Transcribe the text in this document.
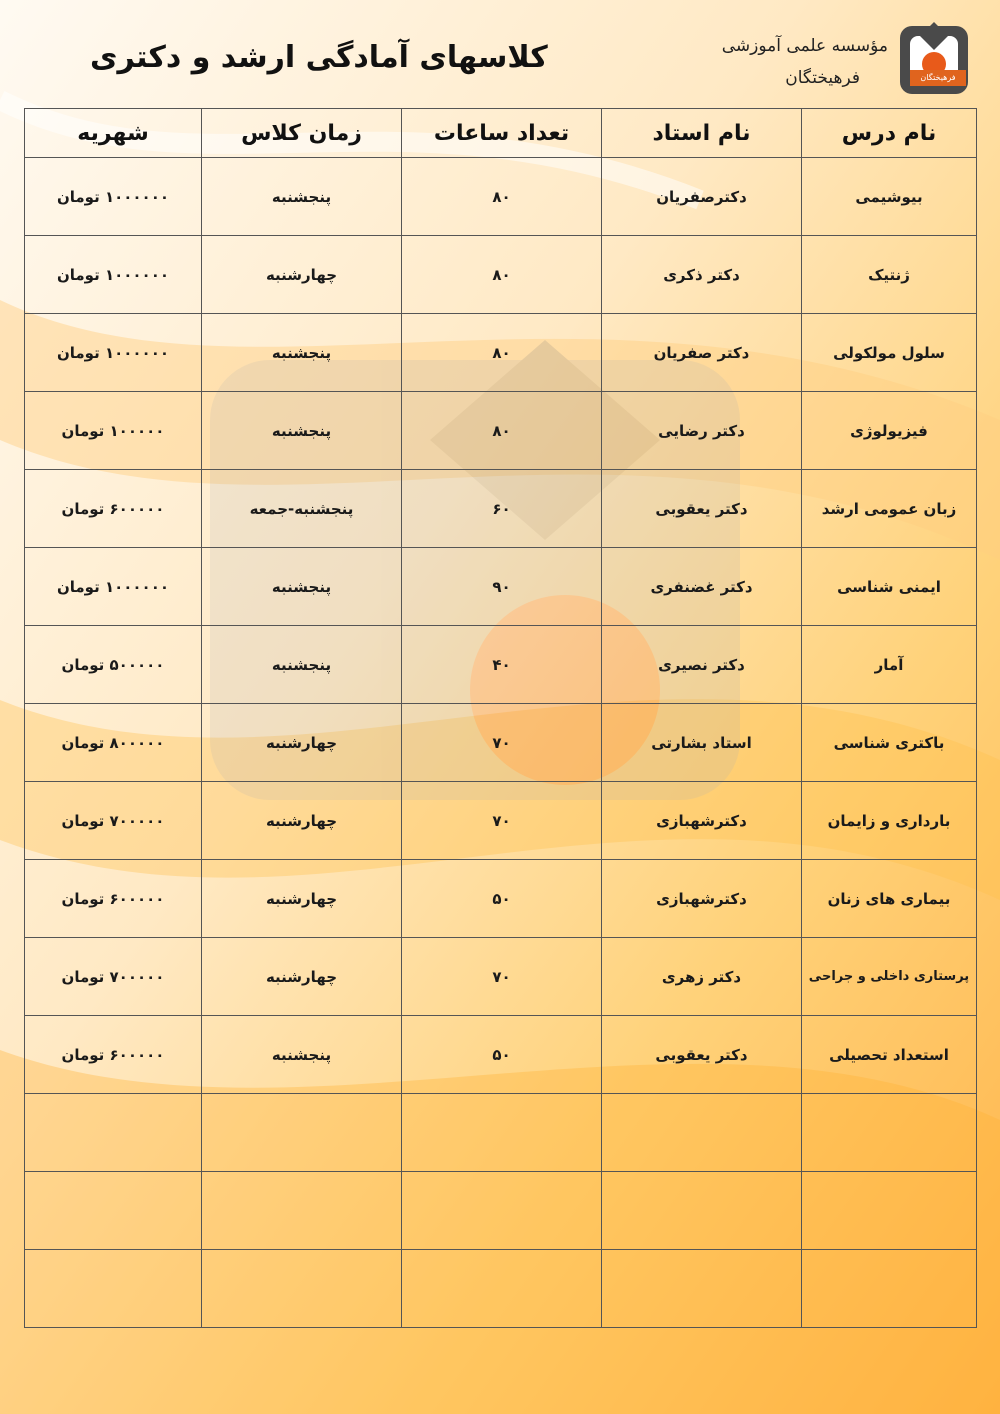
کلاسهای آمادگی ارشد و دکتری
فرهیختگان
مؤسسه علمی آموزشی
فرهیختگان
نام درس	نام استاد	تعداد ساعات	زمان کلاس	شهریه
بیوشیمی	دکترصفریان	۸۰	پنجشنبه	۱۰۰۰۰۰۰ تومان
ژنتیک	دکتر ذکری	۸۰	چهارشنبه	۱۰۰۰۰۰۰ تومان
سلول مولکولی	دکتر صفریان	۸۰	پنجشنبه	۱۰۰۰۰۰۰ تومان
فیزیولوژی	دکتر رضایی	۸۰	پنجشنبه	۱۰۰۰۰۰ تومان
زبان عمومی ارشد	دکتر یعقوبی	۶۰	پنجشنبه-جمعه	۶۰۰۰۰۰ تومان
ایمنی شناسی	دکتر غضنفری	۹۰	پنجشنبه	۱۰۰۰۰۰۰ تومان
آمار	دکتر نصیری	۴۰	پنجشنبه	۵۰۰۰۰۰ تومان
باکتری شناسی	استاد بشارتی	۷۰	چهارشنبه	۸۰۰۰۰۰ تومان
بارداری و زایمان	دکترشهبازی	۷۰	چهارشنبه	۷۰۰۰۰۰ تومان
بیماری های زنان	دکترشهبازی	۵۰	چهارشنبه	۶۰۰۰۰۰ تومان
پرستاری داخلی و جراحی	دکتر زهری	۷۰	چهارشنبه	۷۰۰۰۰۰ تومان
استعداد تحصیلی	دکتر یعقوبی	۵۰	پنجشنبه	۶۰۰۰۰۰ تومان
